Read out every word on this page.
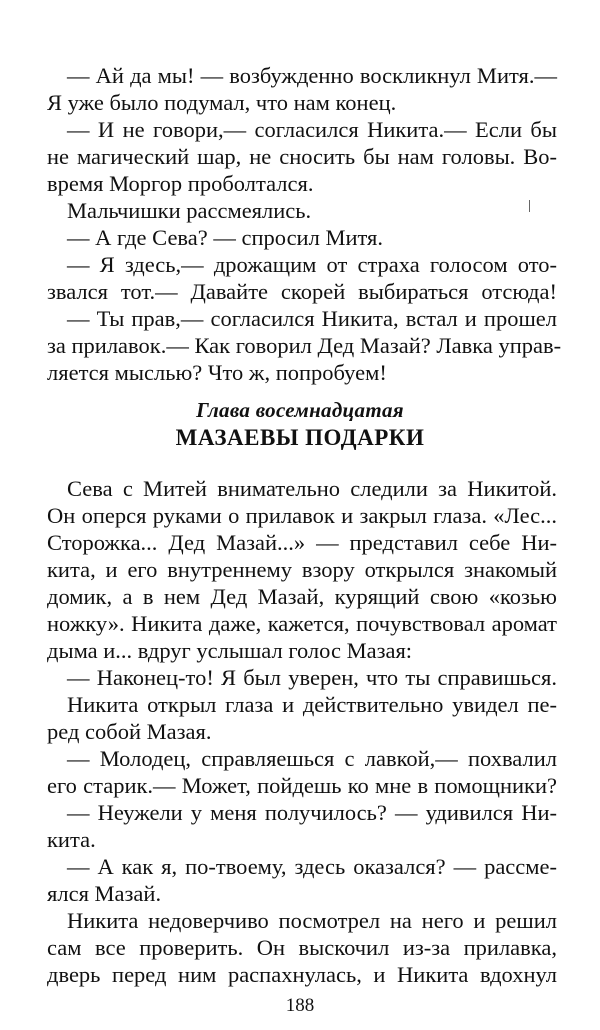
— Ай да мы! — возбужденно воскликнул Митя.—
Я уже было подумал, что нам конец.
— И не говори,— согласился Никита.— Если бы
не магический шар, не сносить бы нам головы. Во-
время Моргор проболтался.
Мальчишки рассмеялись.
— А где Сева? — спросил Митя.
— Я здесь,— дрожащим от страха голосом ото-
звался тот.— Давайте скорей выбираться отсюда!
— Ты прав,— согласился Никита, встал и прошел
за прилавок.— Как говорил Дед Мазай? Лавка управ-
ляется мыслью? Что ж, попробуем!
Глава восемнадцатая
МАЗАЕВЫ ПОДАРКИ
Сева с Митей внимательно следили за Никитой.
Он оперся руками о прилавок и закрыл глаза. «Лес...
Сторожка... Дед Мазай...» — представил себе Ни-
кита, и его внутреннему взору открылся знакомый
домик, а в нем Дед Мазай, курящий свою «козью
ножку». Никита даже, кажется, почувствовал аромат
дыма и... вдруг услышал голос Мазая:
— Наконец-то! Я был уверен, что ты справишься.
Никита открыл глаза и действительно увидел пе-
ред собой Мазая.
— Молодец, справляешься с лавкой,— похвалил
его старик.— Может, пойдешь ко мне в помощники?
— Неужели у меня получилось? — удивился Ни-
кита.
— А как я, по-твоему, здесь оказался? — рассме-
ялся Мазай.
Никита недоверчиво посмотрел на него и решил
сам все проверить. Он выскочил из-за прилавка,
дверь перед ним распахнулась, и Никита вдохнул
188
